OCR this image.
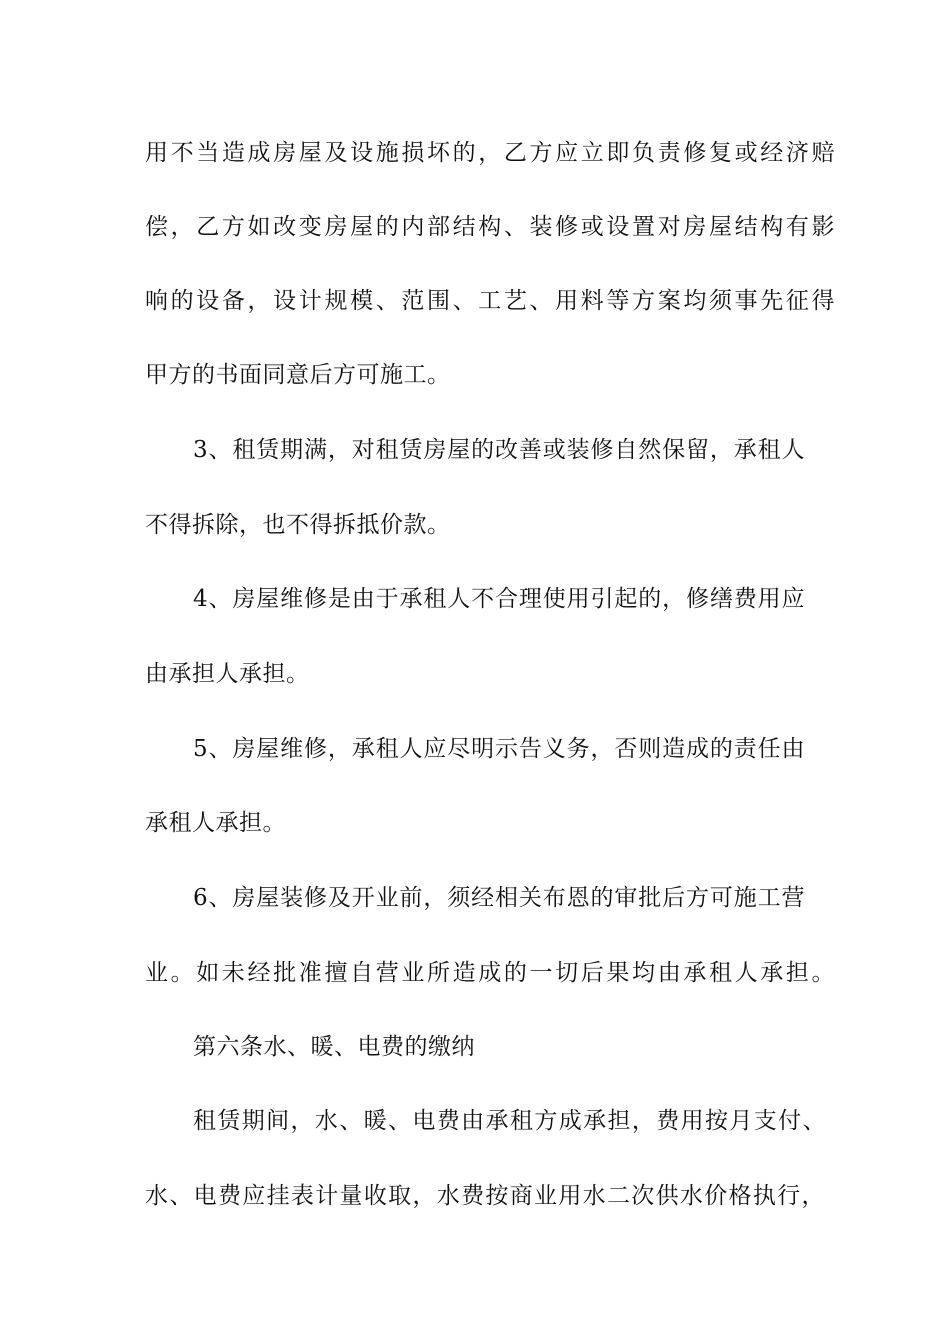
用不当造成房屋及设施损坏的，乙方应立即负责修复或经济赔
偿，乙方如改变房屋的内部结构、装修或设置对房屋结构有影
响的设备，设计规模、范围、工艺、用料等方案均须事先征得
甲方的书面同意后方可施工。
3、租赁期满，对租赁房屋的改善或装修自然保留，承租人
不得拆除，也不得拆抵价款。
4、房屋维修是由于承租人不合理使用引起的，修缮费用应
由承担人承担。
5、房屋维修，承租人应尽明示告义务，否则造成的责任由
承租人承担。
6、房屋装修及开业前，须经相关布恩的审批后方可施工营
业。如未经批准擅自营业所造成的一切后果均由承租人承担。
第六条水、暖、电费的缴纳
租赁期间，水、暖、电费由承租方成承担，费用按月支付、
水、电费应挂表计量收取，水费按商业用水二次供水价格执行，
